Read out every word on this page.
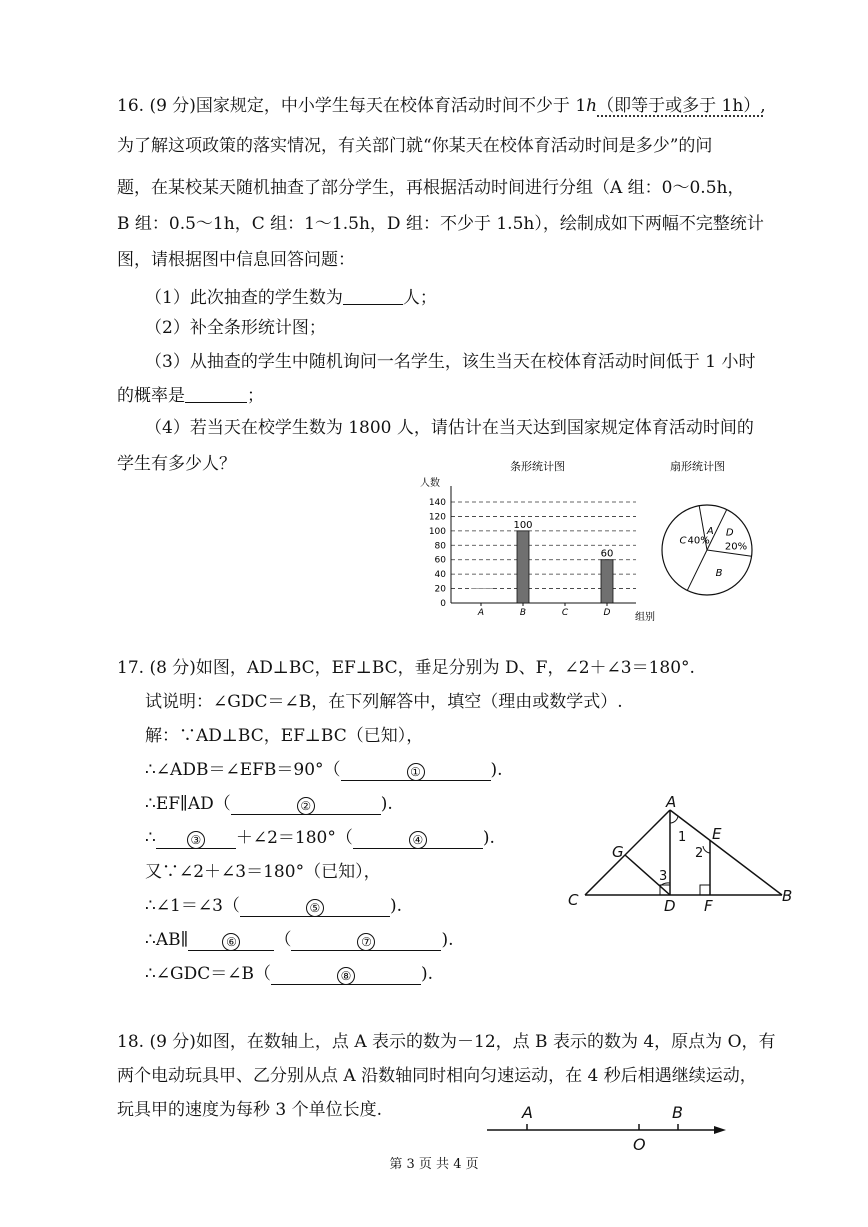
16. (9 分)国家规定，中小学生每天在校体育活动时间不少于 1h（即等于或多于 1h）,
为了解这项政策的落实情况，有关部门就“你某天在校体育活动时间是多少”的问
题，在某校某天随机抽查了部分学生，再根据活动时间进行分组（A 组：0～0.5h，
B 组：0.5～1h，C 组：1～1.5h，D 组：不少于 1.5h），绘制成如下两幅不完整统计
图，请根据图中信息回答问题：
（1）此次抽查的学生数为	人；
（2）补全条形统计图；
（3）从抽查的学生中随机询问一名学生，该生当天在校体育活动时间低于 1 小时
的概率是	；
（4）若当天在校学生数为 1800 人，请估计在当天达到国家规定体育活动时间的
学生有多少人？	条形统计图
人数
组别
0
20
40
60
80
100
120
140
A	B
100
C	D
60
扇形统计图
A D
20%
B
C 40%
17. (8 分)如图，AD⊥BC，EF⊥BC，垂足分别为 D、F，∠2＋∠3＝180°.
试说明：∠GDC＝∠B，在下列解答中，填空（理由或数学式）.
解：∵AD⊥BC，EF⊥BC（已知），
∴∠ADB＝∠EFB＝90°（	①	).
∴EF∥AD（	②	).
∴	③ ＋∠2＝180°（	④	).
又∵∠2＋∠3＝180°（已知），
∴∠1＝∠3（	⑤	).
∴AB∥	⑥ （	⑦	).
∴∠GDC＝∠B（	⑧	).
A
E
G
1
2
3
C	D F
B
18. (9 分)如图，在数轴上，点 A 表示的数为－12，点 B 表示的数为 4，原点为 O，有
两个电动玩具甲、乙分别从点 A 沿数轴同时相向匀速运动，在 4 秒后相遇继续运动，
玩具甲的速度为每秒 3 个单位长度.	A
O
B
第 3 页 共 4 页
